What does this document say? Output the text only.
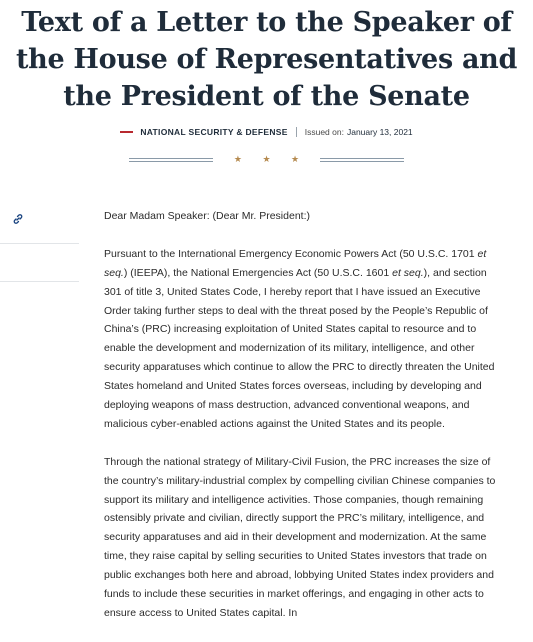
Text of a Letter to the Speaker of
the House of Representatives and
the President of the Senate
NATIONAL SECURITY & DEFENSE Issued on: January 13, 2021
★ ★ ★

Dear Madam Speaker: (Dear Mr. President:)

Pursuant to the International Emergency Economic Powers Act (50 U.S.C. 1701 et seq.) (IEEPA), the National Emergencies Act (50 U.S.C. 1601 et seq.), and section 301 of title 3, United States Code, I hereby report that I have issued an Executive Order taking further steps to deal with the threat posed by the People’s Republic of China’s (PRC) increasing exploitation of United States capital to resource and to enable the development and modernization of its military, intelligence, and other security apparatuses which continue to allow the PRC to directly threaten the United States homeland and United States forces overseas, including by developing and deploying weapons of mass destruction, advanced conventional weapons, and malicious cyber-enabled actions against the United States and its people.

Through the national strategy of Military-Civil Fusion, the PRC increases the size of the country’s military-industrial complex by compelling civilian Chinese companies to support its military and intelligence activities. Those companies, though remaining ostensibly private and civilian, directly support the PRC’s military, intelligence, and security apparatuses and aid in their development and modernization. At the same time, they raise capital by selling securities to United States investors that trade on public exchanges both here and abroad, lobbying United States index providers and funds to include these securities in market offerings, and engaging in other acts to ensure access to United States capital. In
